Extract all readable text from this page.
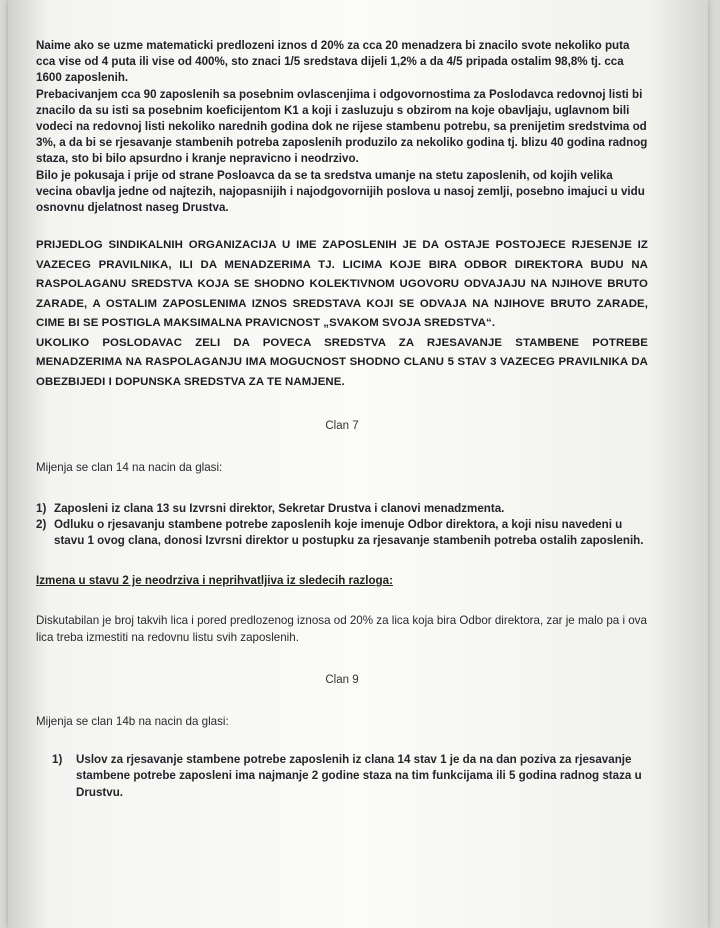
Naime ako se uzme matematicki predlozeni iznos d 20% za cca 20 menadzera bi znacilo svote nekoliko puta cca vise od 4 puta ili vise od 400%, sto znaci 1/5 sredstava dijeli 1,2% a da 4/5 pripada ostalim 98,8% tj. cca 1600 zaposlenih.

Prebacivanjem cca 90 zaposlenih sa posebnim ovlascenjima i odgovornostima za Poslodavca redovnoj listi bi znacilo da su isti sa posebnim koeficijentom K1 a koji i zasluzuju s obzirom na koje obavljaju, uglavnom bili vodeci na redovnoj listi nekoliko narednih godina dok ne rijese stambenu potrebu, sa prenijetim sredstvima od 3%, a da bi se rjesavanje stambenih potreba zaposlenih produzilo za nekoliko godina tj. blizu 40 godina radnog staza, sto bi bilo apsurdno i kranje nepravicno i neodrzivo.

Bilo je pokusaja i prije od strane Posloavca da se ta sredstva umanje na stetu zaposlenih, od kojih velika vecina obavlja jedne od najtezih, najopasnijih i najodgovornijih poslova u nasoj zemlji, posebno imajuci u vidu osnovnu djelatnost naseg Drustva.

PRIJEDLOG SINDIKALNIH ORGANIZACIJA U IME ZAPOSLENIH JE DA OSTAJE POSTOJECE RJESENJE IZ VAZECEG PRAVILNIKA, ILI DA MENADZERIMA TJ. LICIMA KOJE BIRA ODBOR DIREKTORA BUDU NA RASPOLAGANU SREDSTVA KOJA SE SHODNO KOLEKTIVNOM UGOVORU ODVAJAJU NA NJIHOVE BRUTO ZARADE, A OSTALIM ZAPOSLENIMA IZNOS SREDSTAVA KOJI SE ODVAJA NA NJIHOVE BRUTO ZARADE, CIME BI SE POSTIGLA MAKSIMALNA PRAVICNOST „SVAKOM SVOJA SREDSTVA“.

UKOLIKO POSLODAVAC ZELI DA POVECA SREDSTVA ZA RJESAVANJE STAMBENE POTREBE MENADZERIMA NA RASPOLAGANJU IMA MOGUCNOST SHODNO CLANU 5 STAV 3 VAZECEG PRAVILNIKA DA OBEZBIJEDI I DOPUNSKA SREDSTVA ZA TE NAMJENE.

Clan 7

Mijenja se clan 14 na nacin da glasi:

1) Zaposleni iz clana 13 su Izvrsni direktor, Sekretar Drustva i clanovi menadzmenta.
2) Odluku o rjesavanju stambene potrebe zaposlenih koje imenuje Odbor direktora, a koji nisu navedeni u stavu 1 ovog clana, donosi Izvrsni direktor u postupku za rjesavanje stambenih potreba ostalih zaposlenih.

Izmena u stavu 2 je neodrziva i neprihvatljiva iz sledecih razloga:

Diskutabilan je broj takvih lica i pored predlozenog iznosa od 20% za lica koja bira Odbor direktora, zar je malo pa i ova lica treba izmestiti na redovnu listu svih zaposlenih.

Clan 9

Mijenja se clan 14b na nacin da glasi:

1)	Uslov za rjesavanje stambene potrebe zaposlenih iz clana 14 stav 1 je da na dan poziva za rjesavanje stambene potrebe zaposleni ima najmanje 2 godine staza na tim funkcijama ili 5 godina radnog staza u Drustvu.
